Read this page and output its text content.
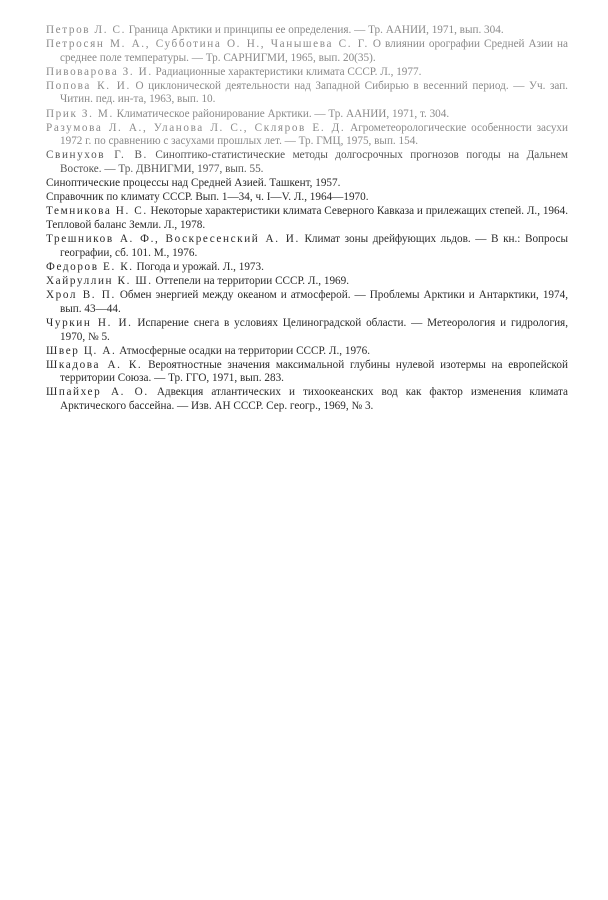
Петров Л. С. Граница Арктики и принципы ее определения. — Тр. ААНИИ, 1971, вып. 304.

Петросян М. А., Субботина О. Н., Чанышева С. Г. О влиянии орографии Средней Азии на среднее поле температуры. — Тр. САРНИГМИ, 1965, вып. 20(35).

Пивоварова З. И. Радиационные характеристики климата СССР. Л., 1977.

Попова К. И. О циклонической деятельности над Западной Сибирью в весенний период. — Уч. зап. Читин. пед. ин-та, 1963, вып. 10.

Прик З. М. Климатическое районирование Арктики. — Тр. ААНИИ, 1971, т. 304.

Разумова Л. А., Уланова Л. С., Скляров Е. Д. Агрометеорологические особенности засухи 1972 г. по сравнению с засухами прошлых лет. — Тр. ГМЦ, 1975, вып. 154.

Свинухов Г. В. Синоптико-статистические методы долгосрочных прогнозов погоды на Дальнем Востоке. — Тр. ДВНИГМИ, 1977, вып. 55.

Синоптические процессы над Средней Азией. Ташкент, 1957.

Справочник по климату СССР. Вып. 1—34, ч. I—V. Л., 1964—1970.

Темникова Н. С. Некоторые характеристики климата Северного Кавказа и прилежащих степей. Л., 1964.

Тепловой баланс Земли. Л., 1978.

Трешников А. Ф., Воскресенский А. И. Климат зоны дрейфующих льдов. — В кн.: Вопросы географии, сб. 101. М., 1976.

Федоров Е. К. Погода и урожай. Л., 1973.

Хайруллин К. Ш. Оттепели на территории СССР. Л., 1969.

Хрол В. П. Обмен энергией между океаном и атмосферой. — Проблемы Арктики и Антарктики, 1974, вып. 43—44.

Чуркин Н. И. Испарение снега в условиях Целиноградской области. — Метеорология и гидрология, 1970, № 5.

Швер Ц. А. Атмосферные осадки на территории СССР. Л., 1976.

Шкадова А. К. Вероятностные значения максимальной глубины нулевой изотермы на европейской территории Союза. — Тр. ГГО, 1971, вып. 283.

Шпайхер А. О. Адвекция атлантических и тихоокеанских вод как фактор изменения климата Арктического бассейна. — Изв. АН СССР. Сер. геогр., 1969, № 3.
